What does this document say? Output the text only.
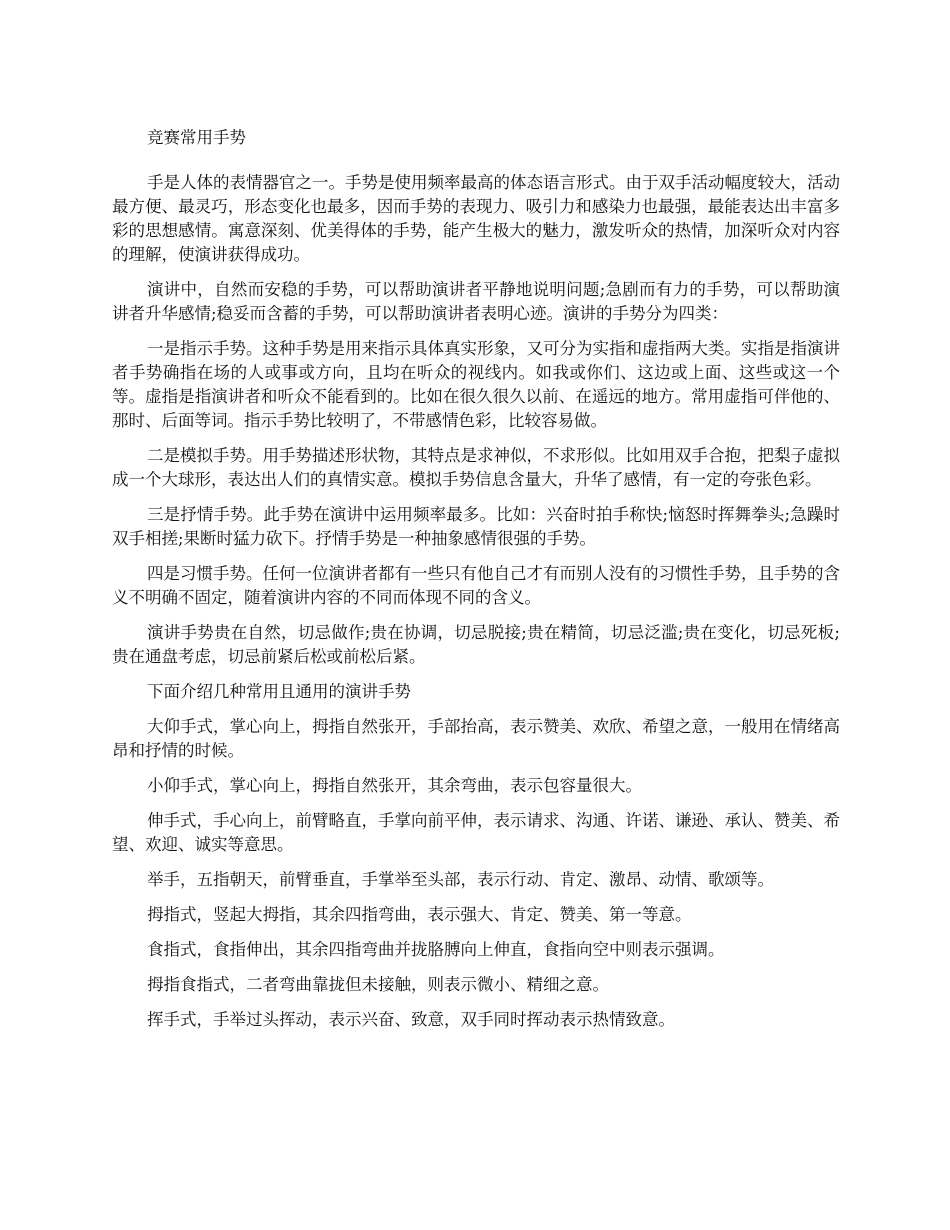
竞赛常用手势

手是人体的表情器官之一。手势是使用频率最高的体态语言形式。由于双手活动幅度较大，活动最方便、最灵巧，形态变化也最多，因而手势的表现力、吸引力和感染力也最强，最能表达出丰富多彩的思想感情。寓意深刻、优美得体的手势，能产生极大的魅力，激发听众的热情，加深听众对内容的理解，使演讲获得成功。

演讲中，自然而安稳的手势，可以帮助演讲者平静地说明问题;急剧而有力的手势，可以帮助演讲者升华感情;稳妥而含蓄的手势，可以帮助演讲者表明心迹。演讲的手势分为四类：

一是指示手势。这种手势是用来指示具体真实形象，又可分为实指和虚指两大类。实指是指演讲者手势确指在场的人或事或方向，且均在听众的视线内。如我或你们、这边或上面、这些或这一个等。虚指是指演讲者和听众不能看到的。比如在很久很久以前、在遥远的地方。常用虚指可伴他的、那时、后面等词。指示手势比较明了，不带感情色彩，比较容易做。

二是模拟手势。用手势描述形状物，其特点是求神似，不求形似。比如用双手合抱，把梨子虚拟成一个大球形，表达出人们的真情实意。模拟手势信息含量大，升华了感情，有一定的夸张色彩。

三是抒情手势。此手势在演讲中运用频率最多。比如：兴奋时拍手称快;恼怒时挥舞拳头;急躁时双手相搓;果断时猛力砍下。抒情手势是一种抽象感情很强的手势。

四是习惯手势。任何一位演讲者都有一些只有他自己才有而别人没有的习惯性手势，且手势的含义不明确不固定，随着演讲内容的不同而体现不同的含义。

演讲手势贵在自然，切忌做作;贵在协调，切忌脱接;贵在精简，切忌泛滥;贵在变化，切忌死板;贵在通盘考虑，切忌前紧后松或前松后紧。

下面介绍几种常用且通用的演讲手势

大仰手式，掌心向上，拇指自然张开，手部抬高，表示赞美、欢欣、希望之意，一般用在情绪高昂和抒情的时候。

小仰手式，掌心向上，拇指自然张开，其余弯曲，表示包容量很大。

伸手式，手心向上，前臂略直，手掌向前平伸，表示请求、沟通、许诺、谦逊、承认、赞美、希望、欢迎、诚实等意思。

举手，五指朝天，前臂垂直，手掌举至头部，表示行动、肯定、激昂、动情、歌颂等。

拇指式，竖起大拇指，其余四指弯曲，表示强大、肯定、赞美、第一等意。

食指式，食指伸出，其余四指弯曲并拢胳膊向上伸直，食指向空中则表示强调。

拇指食指式，二者弯曲靠拢但未接触，则表示微小、精细之意。

挥手式，手举过头挥动，表示兴奋、致意，双手同时挥动表示热情致意。
